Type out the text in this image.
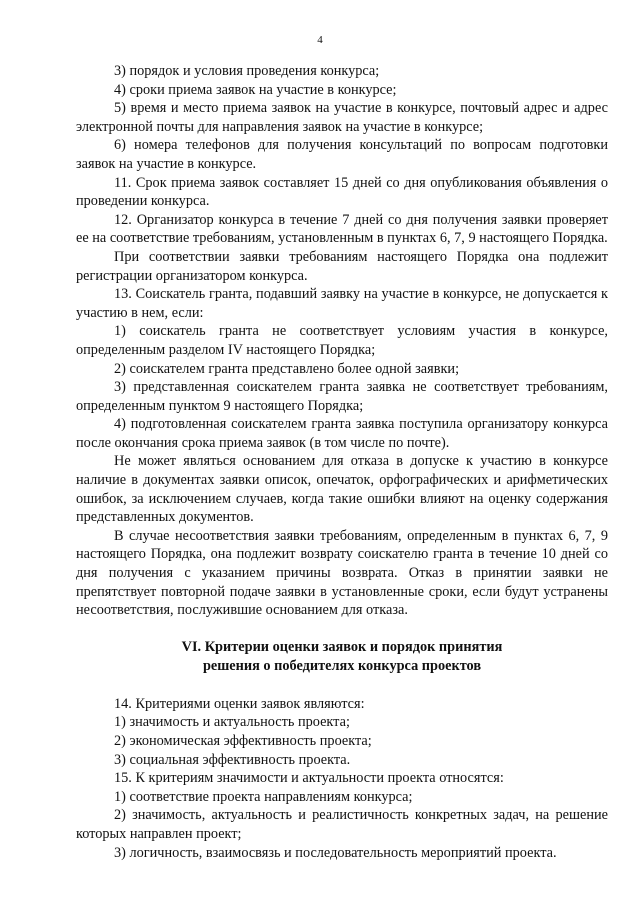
4

3) порядок и условия проведения конкурса;

4) сроки приема заявок на участие в конкурсе;

5) время и место приема заявок на участие в конкурсе, почтовый адрес и адрес электронной почты для направления заявок на участие в конкурсе;

6) номера телефонов для получения консультаций по вопросам подготовки заявок на участие в конкурсе.

11. Срок приема заявок составляет 15 дней со дня опубликования объявления о проведении конкурса.

12. Организатор конкурса в течение 7 дней со дня получения заявки проверяет ее на соответствие требованиям, установленным в пунктах 6, 7, 9 настоящего Порядка.

При соответствии заявки требованиям настоящего Порядка она подлежит регистрации организатором конкурса.

13. Соискатель гранта, подавший заявку на участие в конкурсе, не допускается к участию в нем, если:

1) соискатель гранта не соответствует условиям участия в конкурсе, определенным разделом IV настоящего Порядка;

2) соискателем гранта представлено более одной заявки;

3) представленная соискателем гранта заявка не соответствует требованиям, определенным пунктом 9 настоящего Порядка;

4) подготовленная соискателем гранта заявка поступила организатору конкурса после окончания срока приема заявок (в том числе по почте).

Не может являться основанием для отказа в допуске к участию в конкурсе наличие в документах заявки описок, опечаток, орфографических и арифметических ошибок, за исключением случаев, когда такие ошибки влияют на оценку содержания представленных документов.

В случае несоответствия заявки требованиям, определенным в пунктах 6, 7, 9 настоящего Порядка, она подлежит возврату соискателю гранта в течение 10 дней со дня получения с указанием причины возврата. Отказ в принятии заявки не препятствует повторной подаче заявки в установленные сроки, если будут устранены несоответствия, послужившие основанием для отказа.

VI. Критерии оценки заявок и порядок принятия

решения о победителях конкурса проектов

14. Критериями оценки заявок являются:

1) значимость и актуальность проекта;

2) экономическая эффективность проекта;

3) социальная эффективность проекта.

15. К критериям значимости и актуальности проекта относятся:

1) соответствие проекта направлениям конкурса;

2) значимость, актуальность и реалистичность конкретных задач, на решение которых направлен проект;

3) логичность, взаимосвязь и последовательность мероприятий проекта.
